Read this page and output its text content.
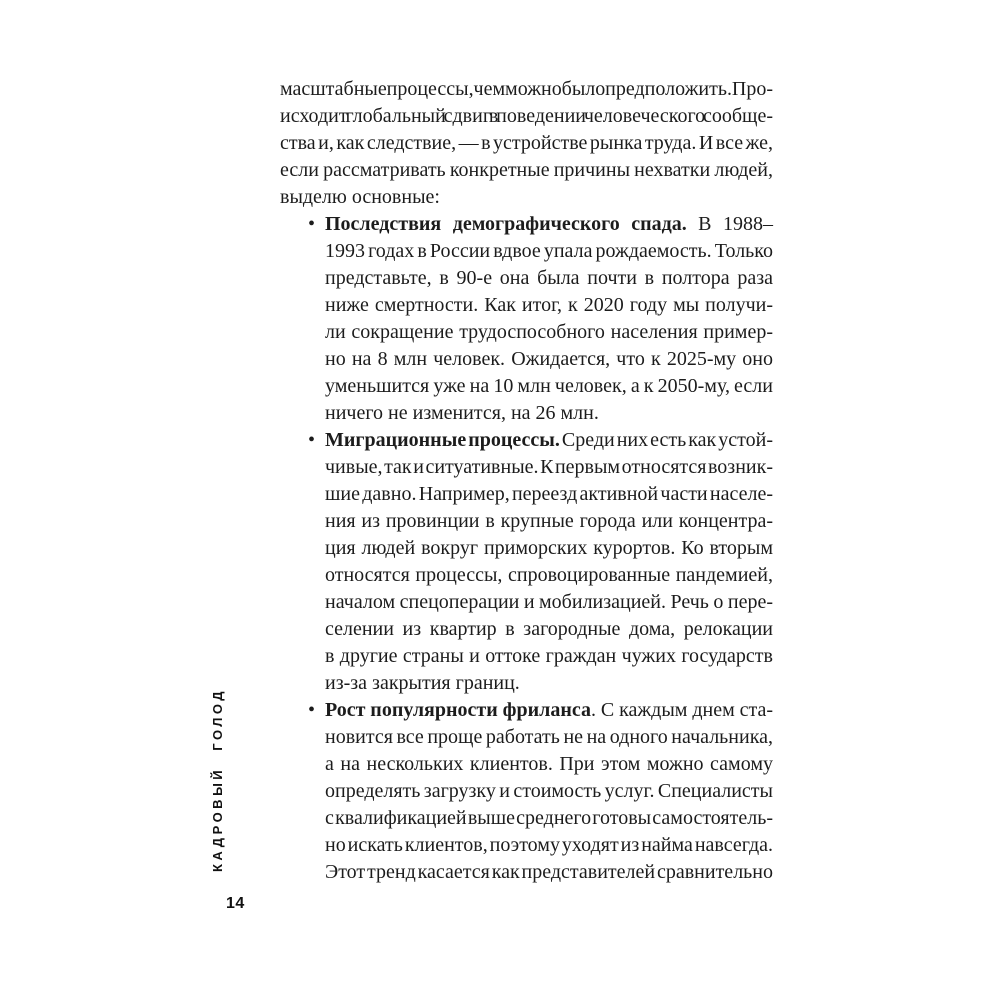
КАДРОВЫЙ ГОЛОД
14
масштабные процессы, чем можно было предположить. Про-
исходит глобальный сдвиг в поведении человеческого сообще-
ства и, как следствие, — в устройстве рынка труда. И все же,
если рассматривать конкретные причины нехватки людей,
выделю основные:
• Последствия демографического спада. В 1988–
1993 годах в России вдвое упала рождаемость. Только
представьте, в 90-е она была почти в полтора раза
ниже смертности. Как итог, к 2020 году мы получи-
ли сокращение трудоспособного населения пример-
но на 8 млн человек. Ожидается, что к 2025-му оно
уменьшится уже на 10 млн человек, а к 2050-му, если
ничего не изменится, на 26 млн.
• Миграционные процессы. Среди них есть как устой-
чивые, так и ситуативные. К первым относятся возник-
шие давно. Например, переезд активной части населе-
ния из провинции в крупные города или концентра-
ция людей вокруг приморских курортов. Ко вторым
относятся процессы, спровоцированные пандемией,
началом спецоперации и мобилизацией. Речь о пере-
селении из квартир в загородные дома, релокации
в другие страны и оттоке граждан чужих государств
из-за закрытия границ.
• Рост популярности фриланса. С каждым днем ста-
новится все проще работать не на одного начальника,
а на нескольких клиентов. При этом можно самому
определять загрузку и стоимость услуг. Специалисты
с квалификацией выше среднего готовы самостоятель-
но искать клиентов, поэтому уходят из найма навсегда.
Этот тренд касается как представителей сравнительно
